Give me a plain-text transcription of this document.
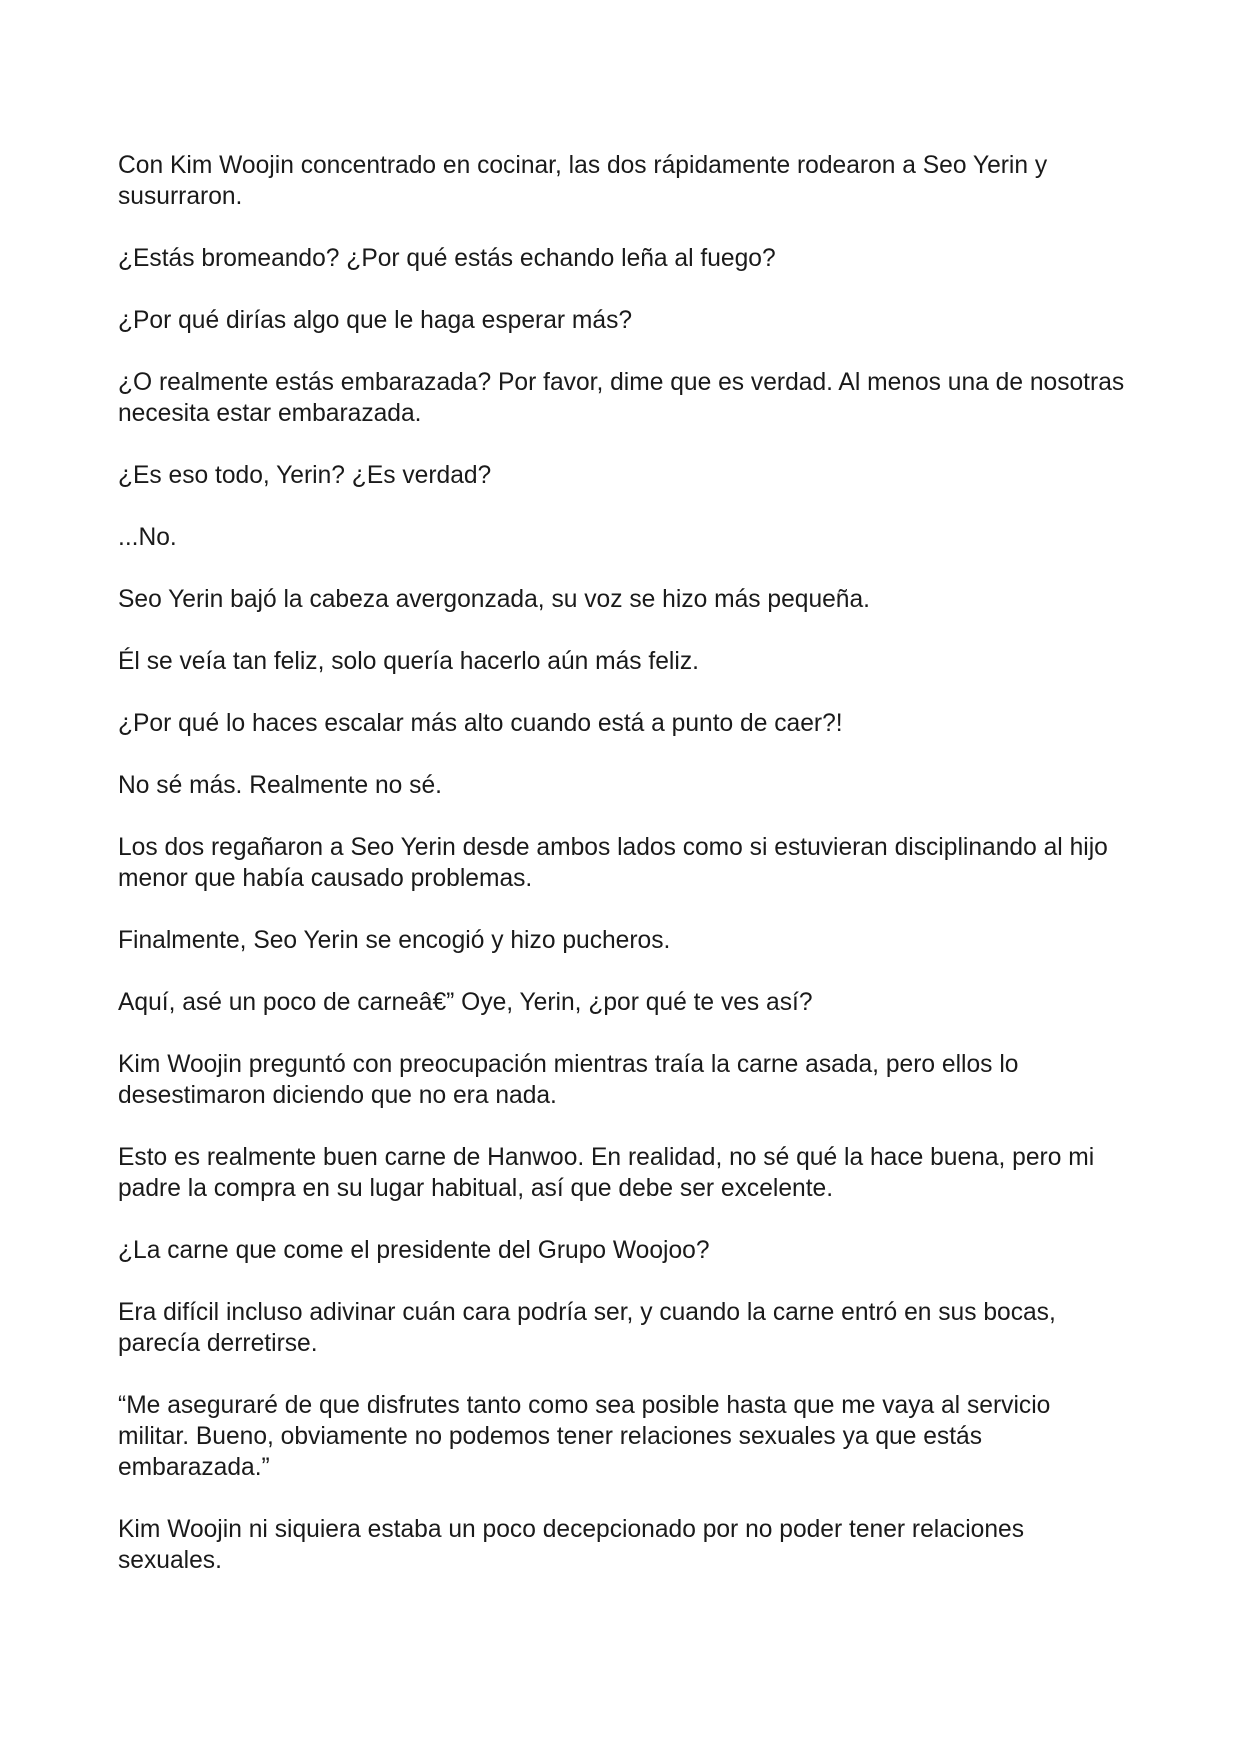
Con Kim Woojin concentrado en cocinar, las dos rápidamente rodearon a Seo Yerin y susurraron.

¿Estás bromeando? ¿Por qué estás echando leña al fuego?

¿Por qué dirías algo que le haga esperar más?

¿O realmente estás embarazada? Por favor, dime que es verdad. Al menos una de nosotras necesita estar embarazada.

¿Es eso todo, Yerin? ¿Es verdad?

...No.

Seo Yerin bajó la cabeza avergonzada, su voz se hizo más pequeña.

Él se veía tan feliz, solo quería hacerlo aún más feliz.

¿Por qué lo haces escalar más alto cuando está a punto de caer?!

No sé más. Realmente no sé.

Los dos regañaron a Seo Yerin desde ambos lados como si estuvieran disciplinando al hijo menor que había causado problemas.

Finalmente, Seo Yerin se encogió y hizo pucheros.

Aquí, asé un poco de carneâ€” Oye, Yerin, ¿por qué te ves así?

Kim Woojin preguntó con preocupación mientras traía la carne asada, pero ellos lo desestimaron diciendo que no era nada.

Esto es realmente buen carne de Hanwoo. En realidad, no sé qué la hace buena, pero mi padre la compra en su lugar habitual, así que debe ser excelente.

¿La carne que come el presidente del Grupo Woojoo?

Era difícil incluso adivinar cuán cara podría ser, y cuando la carne entró en sus bocas, parecía derretirse.

“Me aseguraré de que disfrutes tanto como sea posible hasta que me vaya al servicio militar. Bueno, obviamente no podemos tener relaciones sexuales ya que estás embarazada.”

Kim Woojin ni siquiera estaba un poco decepcionado por no poder tener relaciones sexuales.
